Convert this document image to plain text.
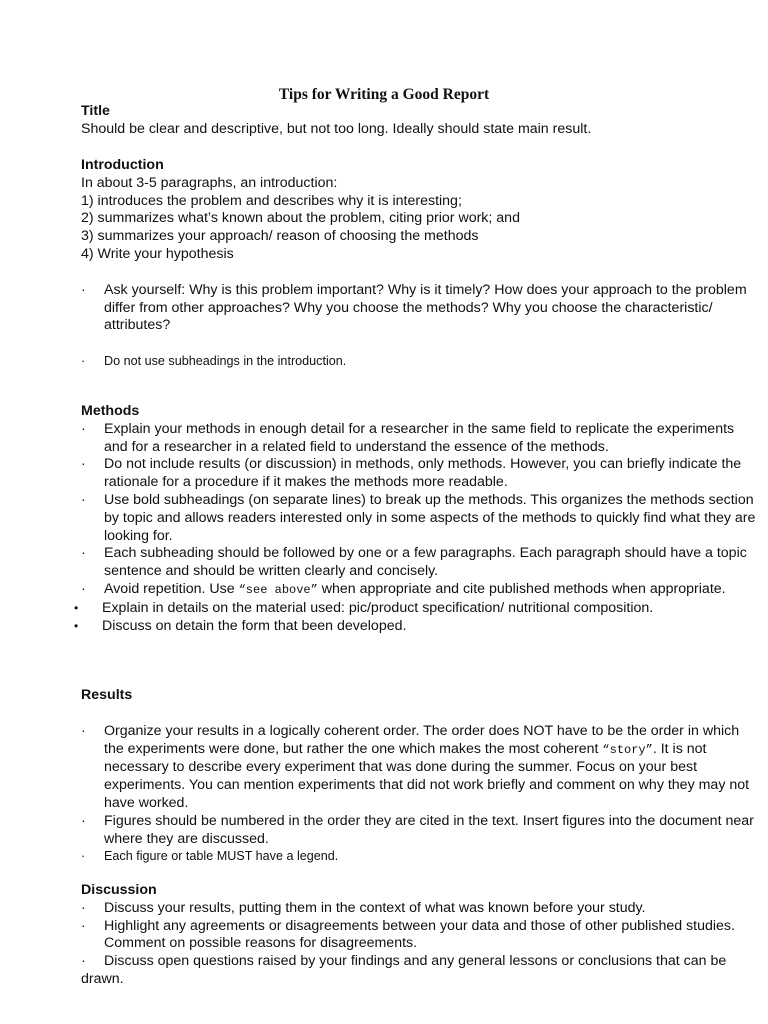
Tips for Writing a Good Report
Title
Should be clear and descriptive, but not too long. Ideally should state main result.
Introduction
In about 3-5 paragraphs, an introduction:
1) introduces the problem and describes why it is interesting;
2) summarizes what’s known about the problem, citing prior work; and
3) summarizes your approach/ reason of choosing the methods
4) Write your hypothesis
·	Ask yourself: Why is this problem important? Why is it timely? How does your approach to the problem differ from other approaches? Why you choose the methods? Why you choose the characteristic/ attributes?
·	Do not use subheadings in the introduction.
Methods
·	Explain your methods in enough detail for a researcher in the same field to replicate the experiments and for a researcher in a related field to understand the essence of the methods.
·	Do not include results (or discussion) in methods, only methods. However, you can briefly indicate the rationale for a procedure if it makes the methods more readable.
·	Use bold subheadings (on separate lines) to break up the methods. This organizes the methods section by topic and allows readers interested only in some aspects of the methods to quickly find what they are looking for.
·	Each subheading should be followed by one or a few paragraphs. Each paragraph should have a topic sentence and should be written clearly and concisely.
·	Avoid repetition. Use “see above” when appropriate and cite published methods when appropriate.
•	Explain in details on the material used: pic/product specification/ nutritional composition.
•	Discuss on detain the form that been developed.
Results
·	Organize your results in a logically coherent order. The order does NOT have to be the order in which the experiments were done, but rather the one which makes the most coherent “story”. It is not necessary to describe every experiment that was done during the summer. Focus on your best experiments. You can mention experiments that did not work briefly and comment on why they may not have worked.
·	Figures should be numbered in the order they are cited in the text. Insert figures into the document near where they are discussed.
·	Each figure or table MUST have a legend.
Discussion
·	Discuss your results, putting them in the context of what was known before your study.
·	Highlight any agreements or disagreements between your data and those of other published studies. Comment on possible reasons for disagreements.
·	Discuss open questions raised by your findings and any general lessons or conclusions that can be
drawn.
